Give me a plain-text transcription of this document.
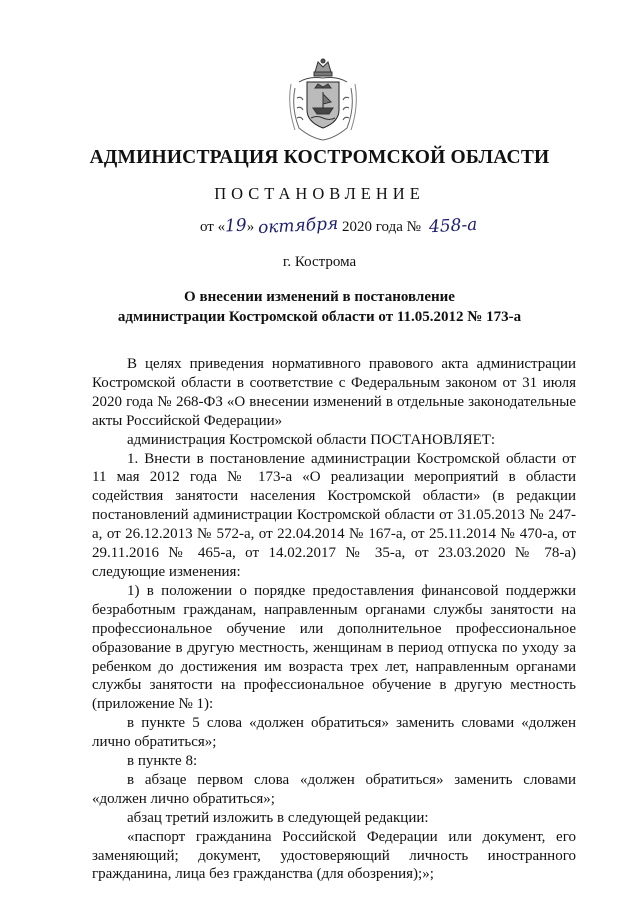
АДМИНИСТРАЦИЯ КОСТРОМСКОЙ ОБЛАСТИ
ПОСТАНОВЛЕНИЕ
от «19» октября 2020 года № 458-а
г. Кострома
О внесении изменений в постановление
администрации Костромской области от 11.05.2012 № 173-а

В целях приведения нормативного правового акта администрации Костромской области в соответствие с Федеральным законом от 31 июля 2020 года № 268-ФЗ «О внесении изменений в отдельные законодательные акты Российской Федерации»

администрация Костромской области ПОСТАНОВЛЯЕТ:

1. Внести в постановление администрации Костромской области от 11 мая 2012 года № 173-а «О реализации мероприятий в области содействия занятости населения Костромской области» (в редакции постановлений администрации Костромской области от 31.05.2013 № 247-а, от 26.12.2013 № 572-а, от 22.04.2014 № 167-а, от 25.11.2014 № 470-а, от 29.11.2016 № 465-а, от 14.02.2017 № 35-а, от 23.03.2020 № 78-а) следующие изменения:

1) в положении о порядке предоставления финансовой поддержки безработным гражданам, направленным органами службы занятости на профессиональное обучение или дополнительное профессиональное образование в другую местность, женщинам в период отпуска по уходу за ребенком до достижения им возраста трех лет, направленным органами службы занятости на профессиональное обучение в другую местность (приложение № 1):

в пункте 5 слова «должен обратиться» заменить словами «должен лично обратиться»;

в пункте 8:

в абзаце первом слова «должен обратиться» заменить словами «должен лично обратиться»;

абзац третий изложить в следующей редакции:

«паспорт гражданина Российской Федерации или документ, его заменяющий; документ, удостоверяющий личность иностранного гражданина, лица без гражданства (для обозрения);»;
